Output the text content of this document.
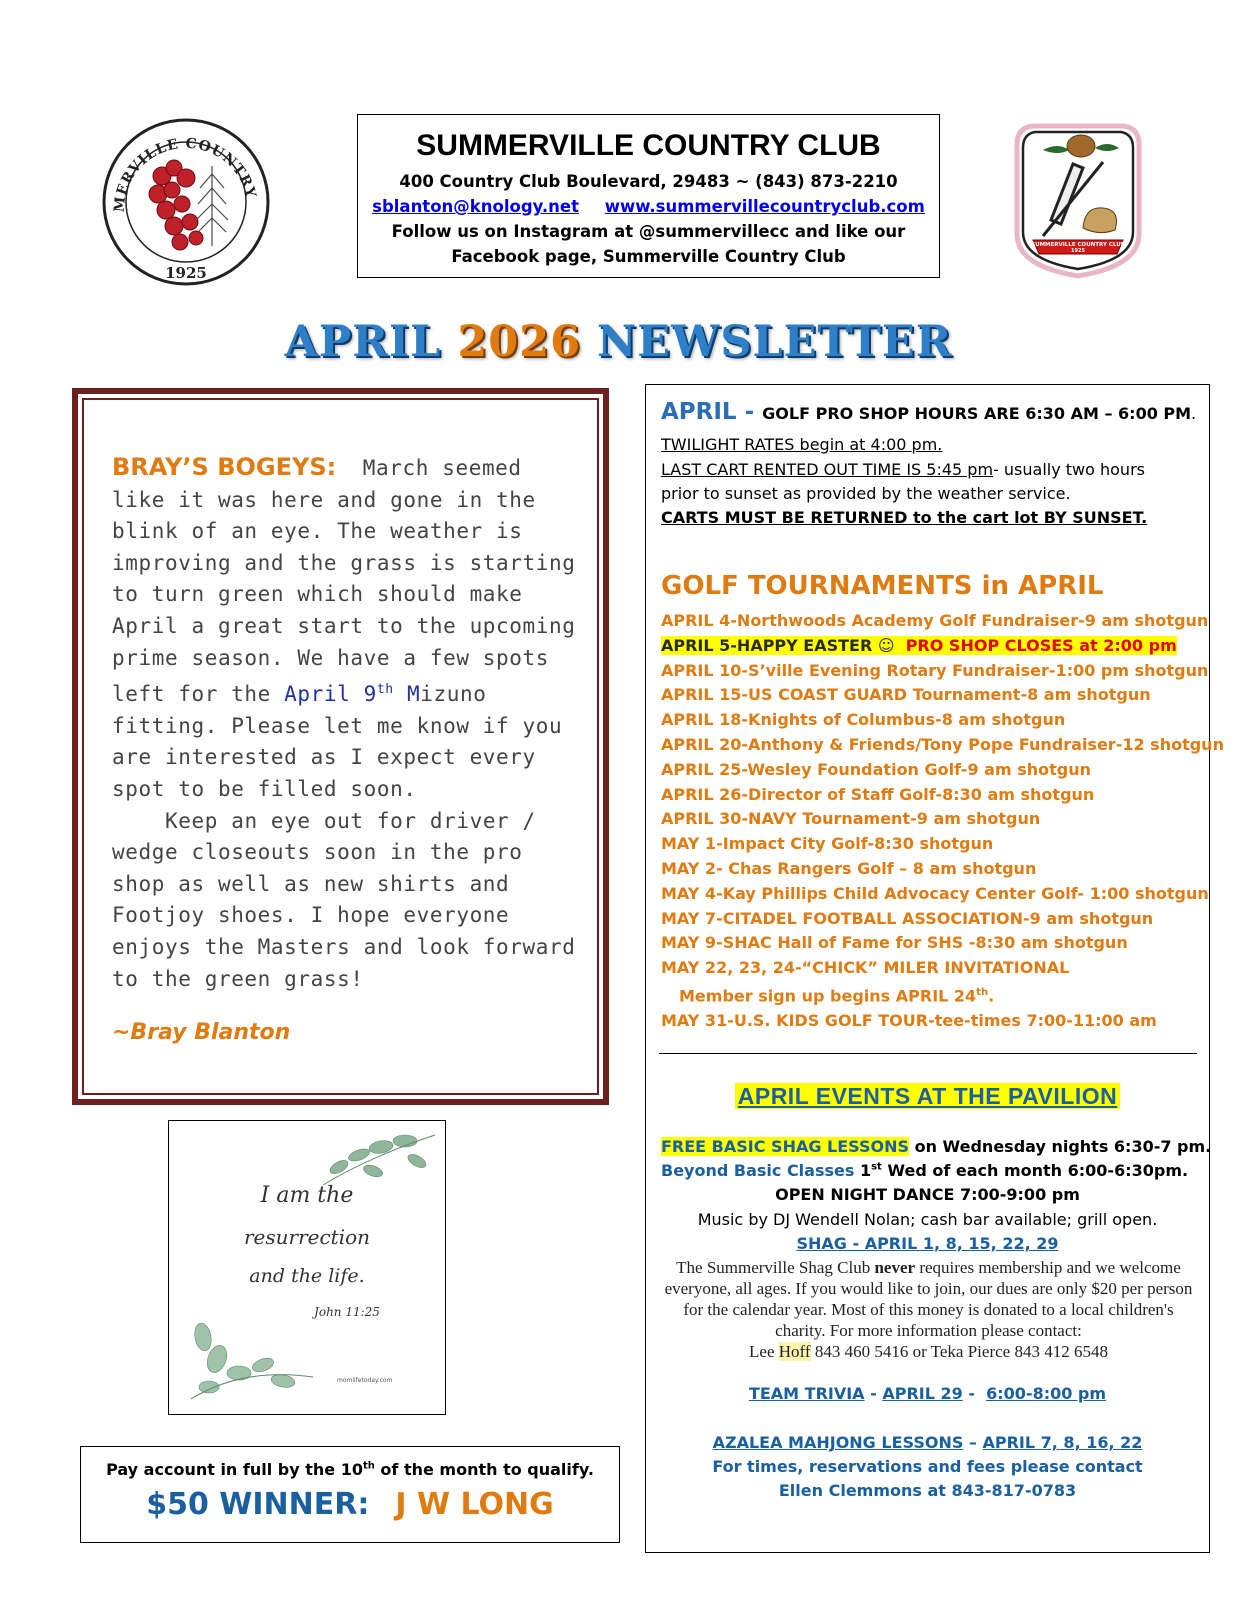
MERVILLE COUNTRY
1925
SUMMERVILLE COUNTRY CLUB
400 Country Club Boulevard, 29483 ~ (843) 873-2210
sblanton@knology.net www.summervillecountryclub.com
Follow us on Instagram at @summervillecc and like our
Facebook page, Summerville Country Club
SUMMERVILLE COUNTRY CLUB
1925
APRIL 2026 NEWSLETTER
BRAY’S BOGEYS: March seemed like it was here and gone in the blink of an eye. The weather is improving and the grass is starting to turn green which should make April a great start to the upcoming prime season. We have a few spots left for the April 9th Mizuno fitting. Please let me know if you are interested as I expect every spot to be filled soon.
Keep an eye out for driver / wedge closeouts soon in the pro shop as well as new shirts and Footjoy shoes. I hope everyone enjoys the Masters and look forward to the green grass!
~Bray Blanton
I am the
resurrection
and the life.
John 11:25
momlifetoday.com
Pay account in full by the 10th of the month to qualify.
$50 WINNER: J W LONG
APRIL - GOLF PRO SHOP HOURS ARE 6:30 AM – 6:00 PM.
TWILIGHT RATES begin at 4:00 pm.
LAST CART RENTED OUT TIME IS 5:45 pm- usually two hours
prior to sunset as provided by the weather service.
CARTS MUST BE RETURNED to the cart lot BY SUNSET.
GOLF TOURNAMENTS in APRIL
APRIL 4-Northwoods Academy Golf Fundraiser-9 am shotgun
APRIL 5-HAPPY EASTER ☺ PRO SHOP CLOSES at 2:00 pm
APRIL 10-S’ville Evening Rotary Fundraiser-1:00 pm shotgun
APRIL 15-US COAST GUARD Tournament-8 am shotgun
APRIL 18-Knights of Columbus-8 am shotgun
APRIL 20-Anthony & Friends/Tony Pope Fundraiser-12 shotgun
APRIL 25-Wesley Foundation Golf-9 am shotgun
APRIL 26-Director of Staff Golf-8:30 am shotgun
APRIL 30-NAVY Tournament-9 am shotgun
MAY 1-Impact City Golf-8:30 shotgun
MAY 2- Chas Rangers Golf – 8 am shotgun
MAY 4-Kay Phillips Child Advocacy Center Golf- 1:00 shotgun
MAY 7-CITADEL FOOTBALL ASSOCIATION-9 am shotgun
MAY 9-SHAC Hall of Fame for SHS -8:30 am shotgun
MAY 22, 23, 24-“CHICK” MILER INVITATIONAL
Member sign up begins APRIL 24th.
MAY 31-U.S. KIDS GOLF TOUR-tee-times 7:00-11:00 am
APRIL EVENTS AT THE PAVILION
FREE BASIC SHAG LESSONS on Wednesday nights 6:30-7 pm.
Beyond Basic Classes 1st Wed of each month 6:00-6:30pm.
OPEN NIGHT DANCE 7:00-9:00 pm
Music by DJ Wendell Nolan; cash bar available; grill open.
SHAG - APRIL 1, 8, 15, 22, 29
The Summerville Shag Club never requires membership and we welcome everyone, all ages. If you would like to join, our dues are only $20 per person for the calendar year. Most of this money is donated to a local children's charity. For more information please contact:
Lee Hoff 843 460 5416 or Teka Pierce 843 412 6548
TEAM TRIVIA - APRIL 29 -  6:00-8:00 pm
AZALEA MAHJONG LESSONS – APRIL 7, 8, 16, 22
For times, reservations and fees please contact
Ellen Clemmons at 843-817-0783
